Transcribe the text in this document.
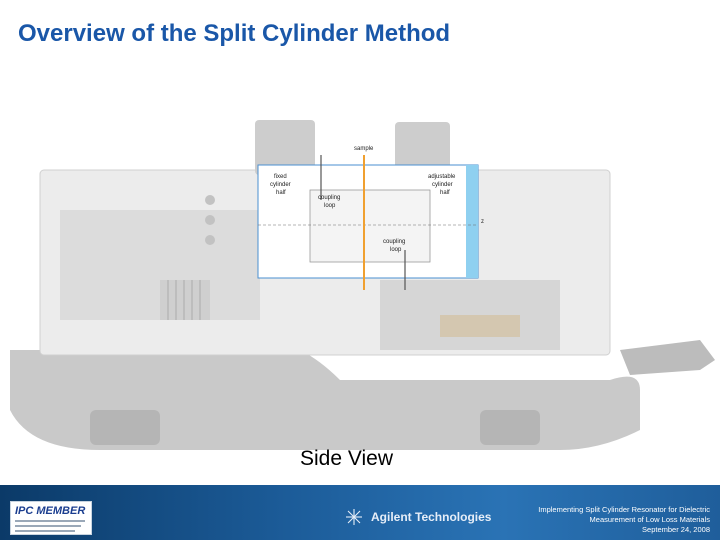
Overview of the Split Cylinder Method
sample
fixed
cylinder
half
adjustable
cylinder
half
coupling
loop
coupling
loop
z
Side View
IPC MEMBER	Agilent Technologies
Implementing Split Cylinder Resonator for Dielectric
Measurement of Low Loss Materials
September 24, 2008
